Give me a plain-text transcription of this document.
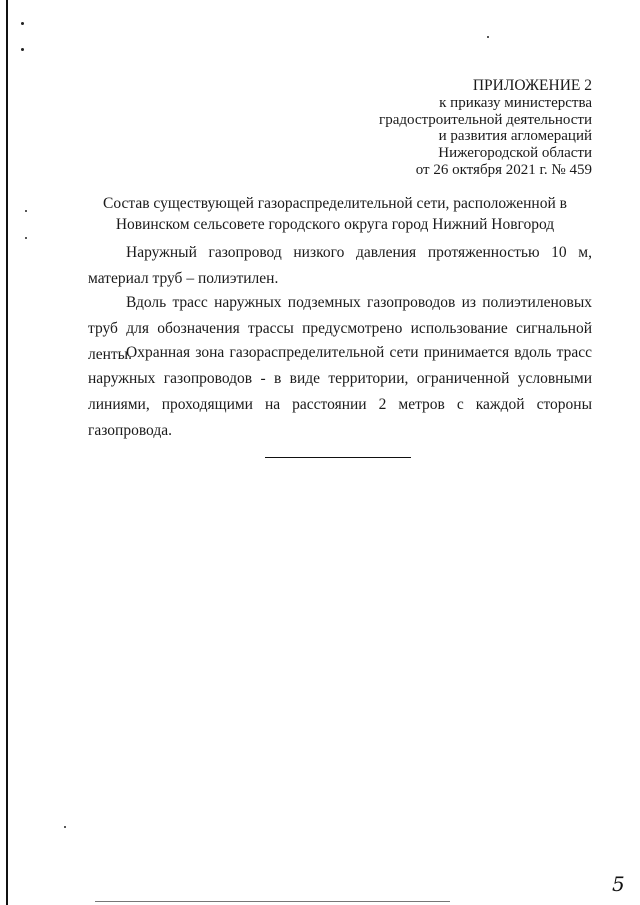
ПРИЛОЖЕНИЕ 2
к приказу министерства
градостроительной деятельности
и развития агломераций
Нижегородской области
от 26 октября 2021 г. № 459
Состав существующей газораспределительной сети, расположенной в
Новинском сельсовете городского округа город Нижний Новгород

Наружный газопровод низкого давления протяженностью 10 м, материал труб – полиэтилен.

Вдоль трасс наружных подземных газопроводов из полиэтиленовых труб для обозначения трассы предусмотрено использование сигнальной ленты.

Охранная зона газораспределительной сети принимается вдоль трасс наружных газопроводов - в виде территории, ограниченной условными линиями, проходящими на расстоянии 2 метров с каждой стороны газопровода.

5
